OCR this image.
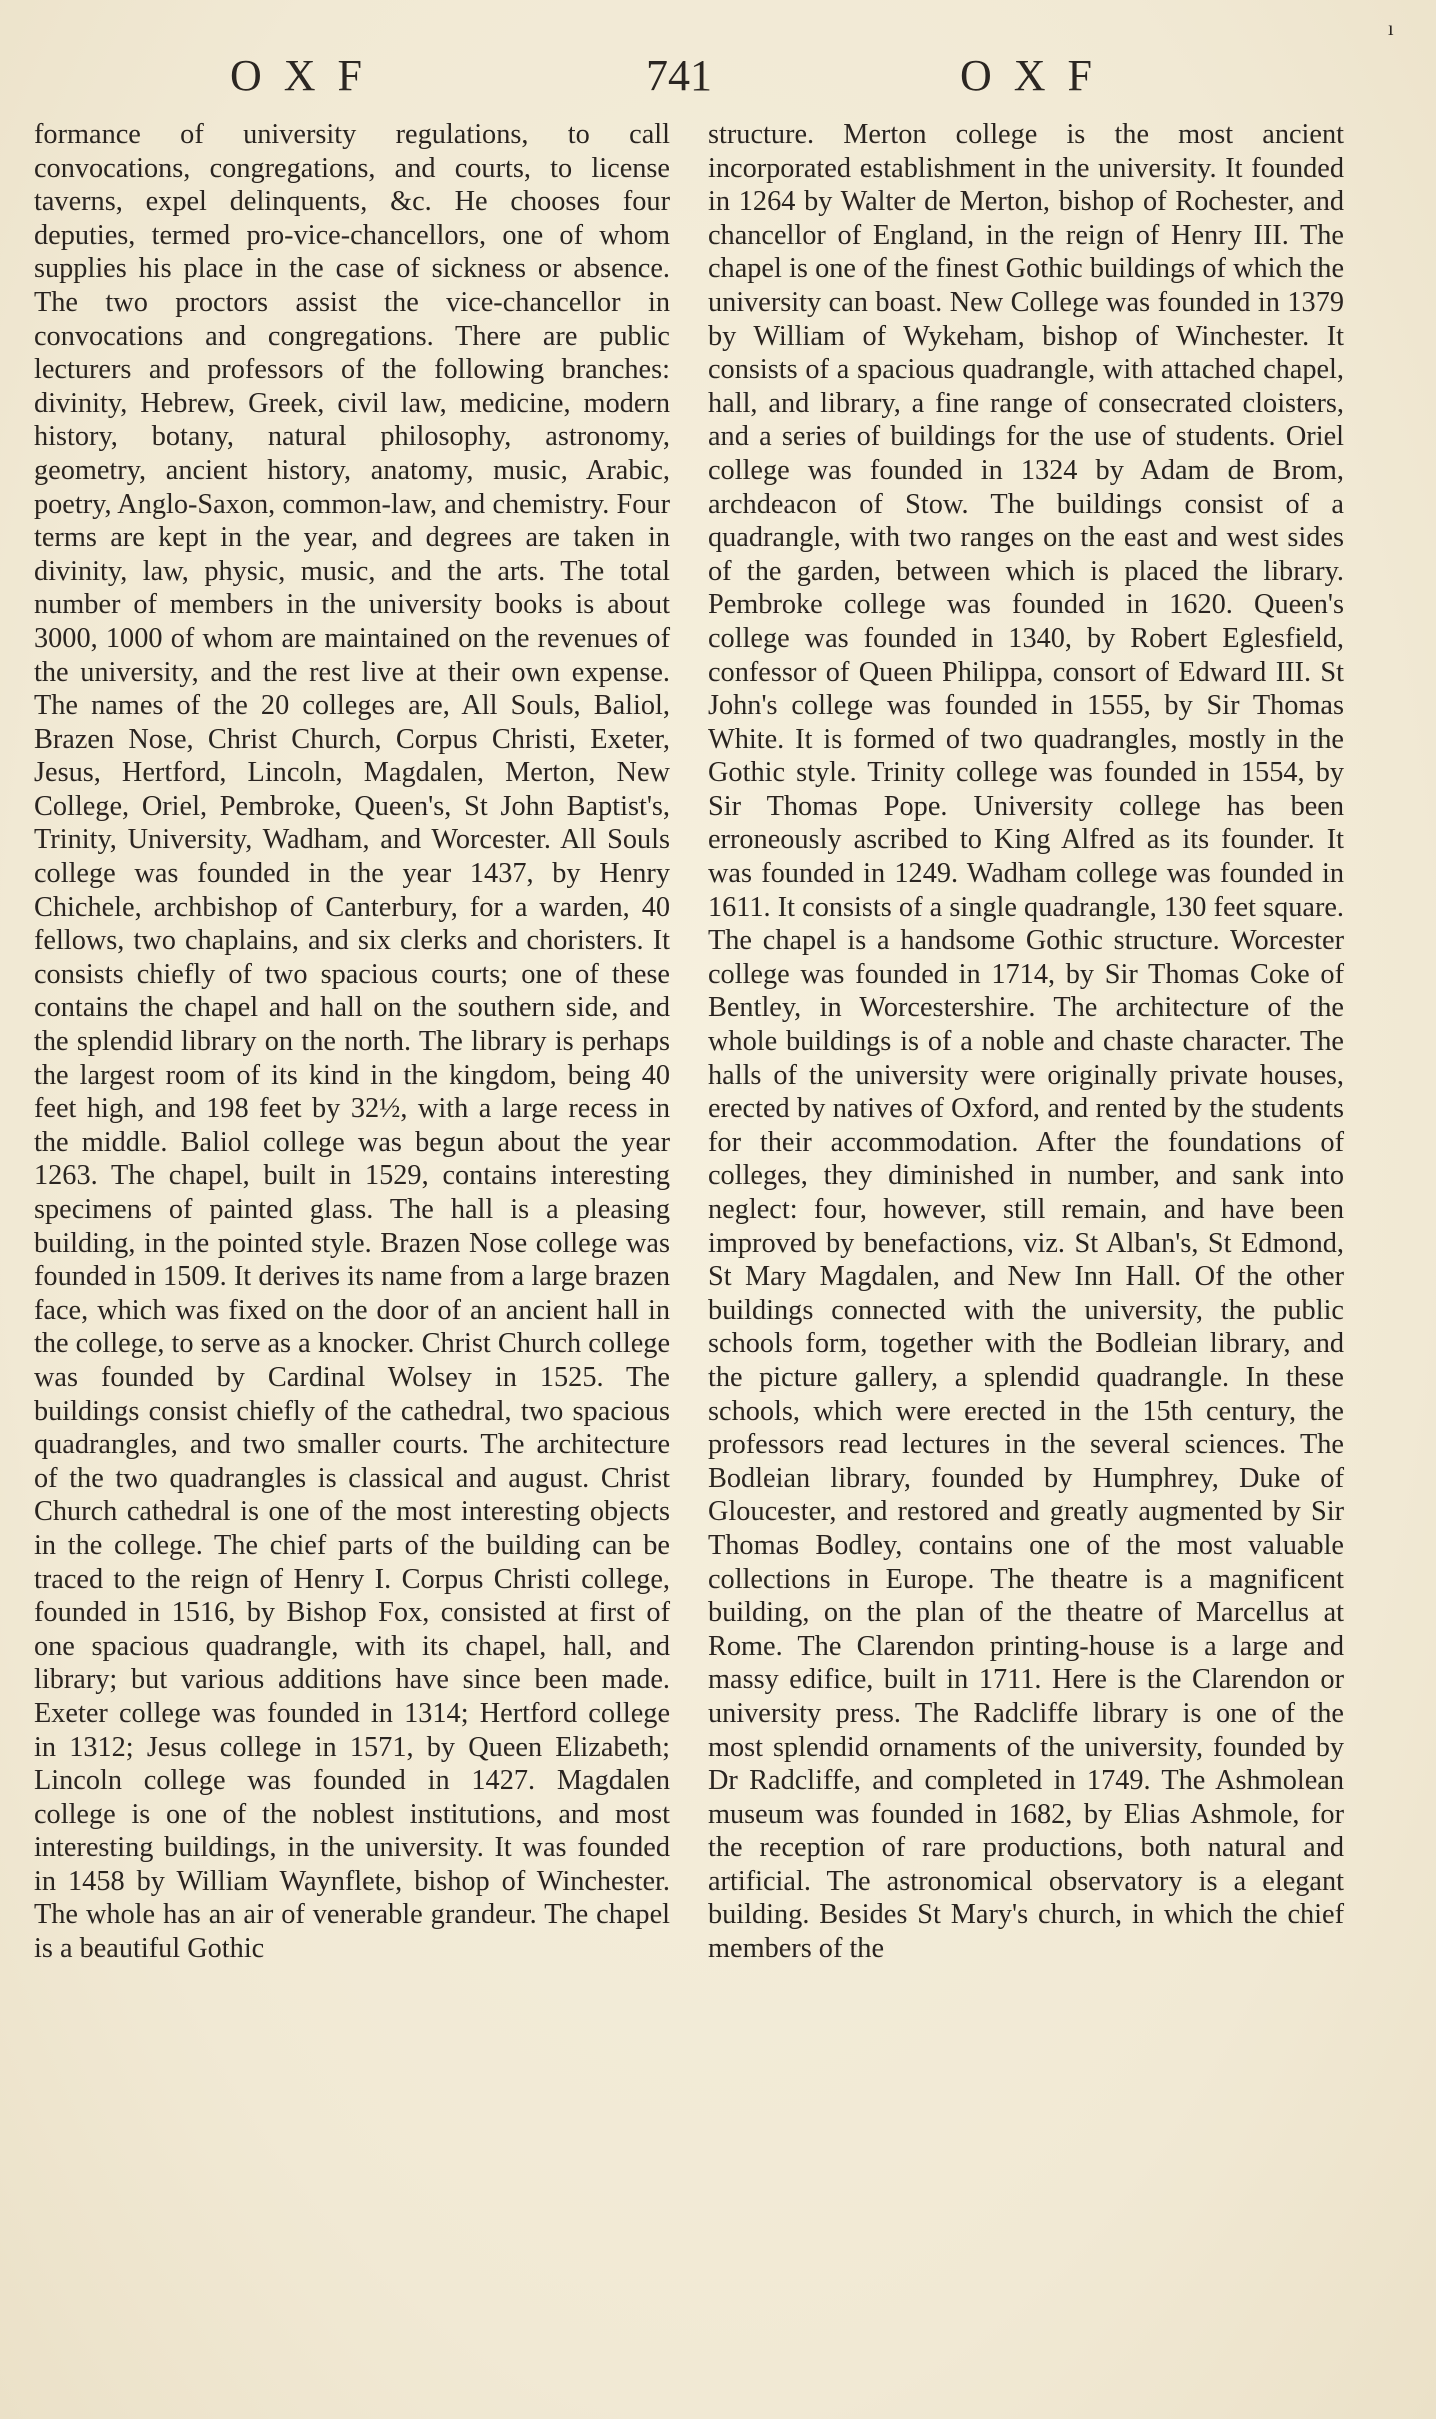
OXF	741	OXF
ı
formance of university regulations, to call convocations, congregations, and courts, to license taverns, expel delinquents, &c. He chooses four deputies, termed pro-vice-chancellors, one of whom supplies his place in the case of sickness or absence. The two proctors assist the vice-chancellor in convocations and congregations. There are public lecturers and professors of the following branches: divinity, Hebrew, Greek, civil law, medicine, modern history, botany, natural philosophy, astronomy, geometry, ancient history, anatomy, music, Arabic, poetry, Anglo-Saxon, common-law, and chemistry. Four terms are kept in the year, and degrees are taken in divinity, law, physic, music, and the arts. The total number of members in the university books is about 3000, 1000 of whom are maintained on the revenues of the university, and the rest live at their own expense. The names of the 20 colleges are, All Souls, Baliol, Brazen Nose, Christ Church, Corpus Christi, Exeter, Jesus, Hertford, Lincoln, Magdalen, Merton, New College, Oriel, Pembroke, Queen's, St John Baptist's, Trinity, University, Wadham, and Worcester. All Souls college was founded in the year 1437, by Henry Chichele, archbishop of Canterbury, for a warden, 40 fellows, two chaplains, and six clerks and choristers. It consists chiefly of two spacious courts; one of these contains the chapel and hall on the southern side, and the splendid library on the north. The library is perhaps the largest room of its kind in the kingdom, being 40 feet high, and 198 feet by 32½, with a large recess in the middle. Baliol college was begun about the year 1263. The chapel, built in 1529, contains interesting specimens of painted glass. The hall is a pleasing building, in the pointed style. Brazen Nose college was founded in 1509. It derives its name from a large brazen face, which was fixed on the door of an ancient hall in the college, to serve as a knocker. Christ Church college was founded by Cardinal Wolsey in 1525. The buildings consist chiefly of the cathedral, two spacious quadrangles, and two smaller courts. The architecture of the two quadrangles is classical and august. Christ Church cathedral is one of the most interesting objects in the college. The chief parts of the building can be traced to the reign of Henry I. Corpus Christi college, founded in 1516, by Bishop Fox, consisted at first of one spacious quadrangle, with its chapel, hall, and library; but various additions have since been made. Exeter college was founded in 1314; Hertford college in 1312; Jesus college in 1571, by Queen Elizabeth; Lincoln college was founded in 1427. Magdalen college is one of the noblest institutions, and most interesting buildings, in the university. It was founded in 1458 by William Waynflete, bishop of Winchester. The whole has an air of venerable grandeur. The chapel is a beautiful Gothic
structure. Merton college is the most ancient incorporated establishment in the university. It founded in 1264 by Walter de Merton, bishop of Rochester, and chancellor of England, in the reign of Henry III. The chapel is one of the finest Gothic buildings of which the university can boast. New College was founded in 1379 by William of Wykeham, bishop of Winchester. It consists of a spacious quadrangle, with attached chapel, hall, and library, a fine range of consecrated cloisters, and a series of buildings for the use of students. Oriel college was founded in 1324 by Adam de Brom, archdeacon of Stow. The buildings consist of a quadrangle, with two ranges on the east and west sides of the garden, between which is placed the library. Pembroke college was founded in 1620. Queen's college was founded in 1340, by Robert Eglesfield, confessor of Queen Philippa, consort of Edward III. St John's college was founded in 1555, by Sir Thomas White. It is formed of two quadrangles, mostly in the Gothic style. Trinity college was founded in 1554, by Sir Thomas Pope. University college has been erroneously ascribed to King Alfred as its founder. It was founded in 1249. Wadham college was founded in 1611. It consists of a single quadrangle, 130 feet square. The chapel is a handsome Gothic structure. Worcester college was founded in 1714, by Sir Thomas Coke of Bentley, in Worcestershire. The architecture of the whole buildings is of a noble and chaste character. The halls of the university were originally private houses, erected by natives of Oxford, and rented by the students for their accommodation. After the foundations of colleges, they diminished in number, and sank into neglect: four, however, still remain, and have been improved by benefactions, viz. St Alban's, St Edmond, St Mary Magdalen, and New Inn Hall. Of the other buildings connected with the university, the public schools form, together with the Bodleian library, and the picture gallery, a splendid quadrangle. In these schools, which were erected in the 15th century, the professors read lectures in the several sciences. The Bodleian library, founded by Humphrey, Duke of Gloucester, and restored and greatly augmented by Sir Thomas Bodley, contains one of the most valuable collections in Europe. The theatre is a magnificent building, on the plan of the theatre of Marcellus at Rome. The Clarendon printing-house is a large and massy edifice, built in 1711. Here is the Clarendon or university press. The Radcliffe library is one of the most splendid ornaments of the university, founded by Dr Radcliffe, and completed in 1749. The Ashmolean museum was founded in 1682, by Elias Ashmole, for the reception of rare productions, both natural and artificial. The astronomical observatory is a elegant building. Besides St Mary's church, in which the chief members of the
